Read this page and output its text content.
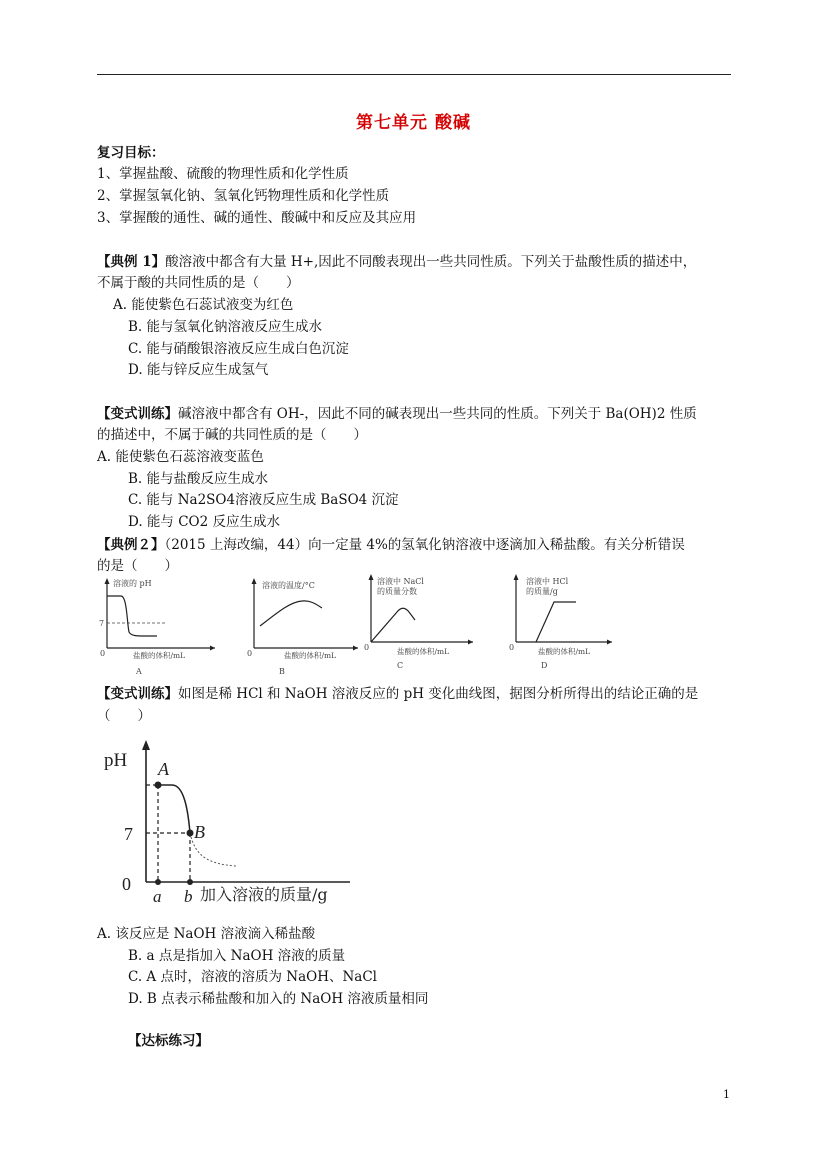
第七单元 酸碱
复习目标：
1、掌握盐酸、硫酸的物理性质和化学性质
2、掌握氢氧化钠、氢氧化钙物理性质和化学性质
3、掌握酸的通性、碱的通性、酸碱中和反应及其应用
【典例 1】酸溶液中都含有大量 H+,因此不同酸表现出一些共同性质。下列关于盐酸性质的描述中，
不属于酸的共同性质的是（　　）
A. 能使紫色石蕊试液变为红色
B. 能与氢氧化钠溶液反应生成水
C. 能与硝酸银溶液反应生成白色沉淀
D. 能与锌反应生成氢气
【变式训练】碱溶液中都含有 OH-，因此不同的碱表现出一些共同的性质。下列关于 Ba(OH)2 性质
的描述中，不属于碱的共同性质的是（　　）
A. 能使紫色石蕊溶液变蓝色
B. 能与盐酸反应生成水
C. 能与 Na2SO4溶液反应生成 BaSO4 沉淀
D. 能与 CO2 反应生成水
【典例２】（2015 上海改编，44）向一定量 4%的氢氧化钠溶液中逐滴加入稀盐酸。有关分析错误
的是（　　）
溶液的 pH
7
0	盐酸的体积/mL
A
溶液的温度/°C
0	盐酸的体积/mL
B
溶液中 NaCl
的质量分数
0	盐酸的体积/mL
C
溶液中 HCl
的质量/g
0	盐酸的体积/mL
D
【变式训练】如图是稀 HCl 和 NaOH 溶液反应的 pH 变化曲线图，据图分析所得出的结论正确的是
（　　）
pH
7
0
A
B
a b 加入溶液的质量/g
A. 该反应是 NaOH 溶液滴入稀盐酸
B. a 点是指加入 NaOH 溶液的质量
C. A 点时，溶液的溶质为 NaOH、NaCl
D. B 点表示稀盐酸和加入的 NaOH 溶液质量相同
【达标练习】
1
